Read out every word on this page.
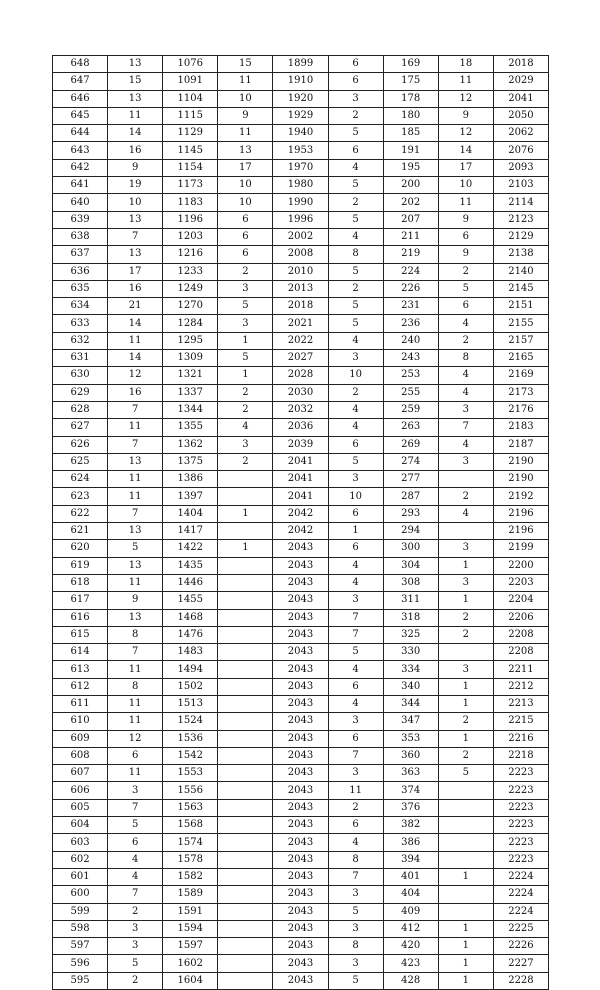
648	13	1076	15	1899	6	169	18	2018
647	15	1091	11	1910	6	175	11	2029
646	13	1104	10	1920	3	178	12	2041
645	11	1115	9	1929	2	180	9	2050
644	14	1129	11	1940	5	185	12	2062
643	16	1145	13	1953	6	191	14	2076
642	9	1154	17	1970	4	195	17	2093
641	19	1173	10	1980	5	200	10	2103
640	10	1183	10	1990	2	202	11	2114
639	13	1196	6	1996	5	207	9	2123
638	7	1203	6	2002	4	211	6	2129
637	13	1216	6	2008	8	219	9	2138
636	17	1233	2	2010	5	224	2	2140
635	16	1249	3	2013	2	226	5	2145
634	21	1270	5	2018	5	231	6	2151
633	14	1284	3	2021	5	236	4	2155
632	11	1295	1	2022	4	240	2	2157
631	14	1309	5	2027	3	243	8	2165
630	12	1321	1	2028	10	253	4	2169
629	16	1337	2	2030	2	255	4	2173
628	7	1344	2	2032	4	259	3	2176
627	11	1355	4	2036	4	263	7	2183
626	7	1362	3	2039	6	269	4	2187
625	13	1375	2	2041	5	274	3	2190
624	11	1386		2041	3	277		2190
623	11	1397		2041	10	287	2	2192
622	7	1404	1	2042	6	293	4	2196
621	13	1417		2042	1	294		2196
620	5	1422	1	2043	6	300	3	2199
619	13	1435		2043	4	304	1	2200
618	11	1446		2043	4	308	3	2203
617	9	1455		2043	3	311	1	2204
616	13	1468		2043	7	318	2	2206
615	8	1476		2043	7	325	2	2208
614	7	1483		2043	5	330		2208
613	11	1494		2043	4	334	3	2211
612	8	1502		2043	6	340	1	2212
611	11	1513		2043	4	344	1	2213
610	11	1524		2043	3	347	2	2215
609	12	1536		2043	6	353	1	2216
608	6	1542		2043	7	360	2	2218
607	11	1553		2043	3	363	5	2223
606	3	1556		2043	11	374		2223
605	7	1563		2043	2	376		2223
604	5	1568		2043	6	382		2223
603	6	1574		2043	4	386		2223
602	4	1578		2043	8	394		2223
601	4	1582		2043	7	401	1	2224
600	7	1589		2043	3	404		2224
599	2	1591		2043	5	409		2224
598	3	1594		2043	3	412	1	2225
597	3	1597		2043	8	420	1	2226
596	5	1602		2043	3	423	1	2227
595	2	1604		2043	5	428	1	2228
